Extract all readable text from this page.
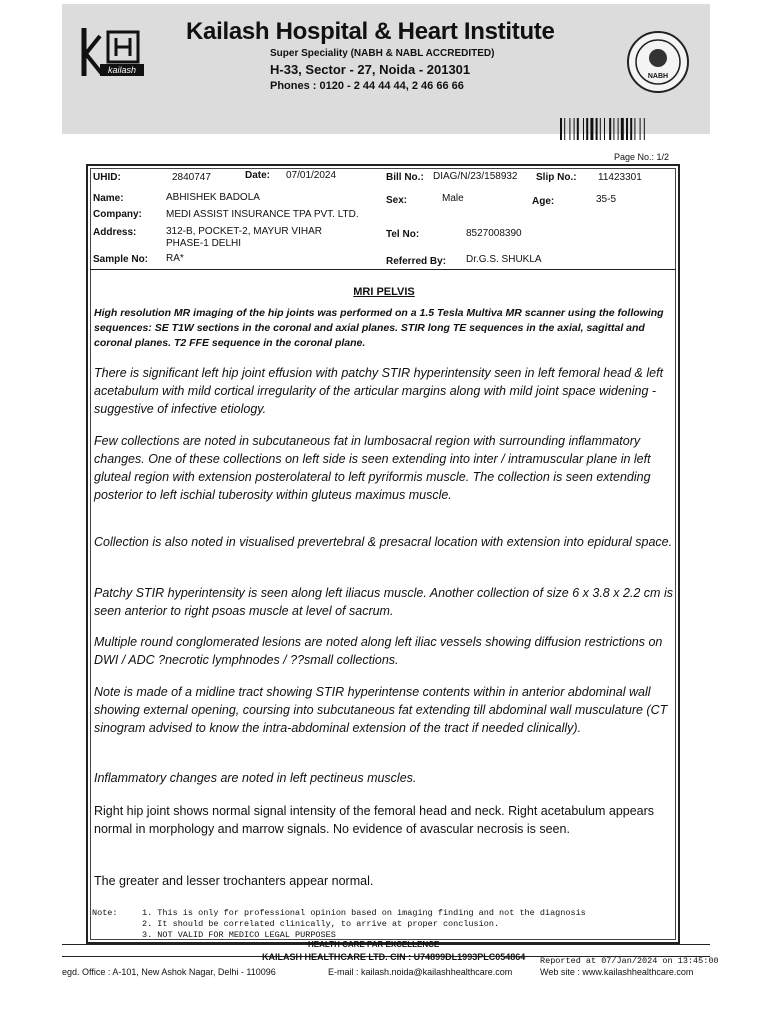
kailash
Kailash Hospital & Heart Institute
Super Speciality (NABH & NABL ACCREDITED)
H-33, Sector - 27, Noida - 201301
Phones : 0120 - 2 44 44 44, 2 46 66 66
NABH
Page No.: 1/2
UHID:	2840747	Date: 07/01/2024	Bill No.: DIAG/N/23/158932 Slip No.: 11423301
Name:	ABHISHEK BADOLA	Sex:	Male	Age:	35-5
Company: MEDI ASSIST INSURANCE TPA PVT. LTD.
Address:	312-B, POCKET-2, MAYUR VIHAR
PHASE-1 DELHI
Tel No:	8527008390
Sample No: RA*	Referred By: Dr.G.S. SHUKLA
MRI PELVIS
High resolution MR imaging of the hip joints was performed on a 1.5 Tesla Multiva MR scanner using the following sequences: SE T1W sections in the coronal and axial planes. STIR long TE sequences in the axial, sagittal and coronal planes. T2 FFE sequence in the coronal plane.
There is significant left hip joint effusion with patchy STIR hyperintensity seen in left femoral head & left acetabulum with mild cortical irregularity of the articular margins along with mild joint space widening - suggestive of infective etiology.
Few collections are noted in subcutaneous fat in lumbosacral region with surrounding inflammatory changes. One of these collections on left side is seen extending into inter / intramuscular plane in left gluteal region with extension posterolateral to left pyriformis muscle. The collection is seen extending posterior to left ischial tuberosity within gluteus maximus muscle.
Collection is also noted in visualised prevertebral & presacral location with extension into epidural space.
Patchy STIR hyperintensity is seen along left iliacus muscle. Another collection of size 6 x 3.8 x 2.2 cm is seen anterior to right psoas muscle at level of sacrum.
Multiple round conglomerated lesions are noted along left iliac vessels showing diffusion restrictions on DWI / ADC ?necrotic lymphnodes / ??small collections.
Note is made of a midline tract showing STIR hyperintense contents within in anterior abdominal wall showing external opening, coursing into subcutaneous fat extending till abdominal wall musculature (CT sinogram advised to know the intra-abdominal extension of the tract if needed clinically).
Inflammatory changes are noted in left pectineus muscles.
Right hip joint shows normal signal intensity of the femoral head and neck. Right acetabulum appears normal in morphology and marrow signals. No evidence of avascular necrosis is seen.
The greater and lesser trochanters appear normal.
Note:	1. This is only for professional opinion based on imaging finding and not the diagnosis
2. It should be correlated clinically, to arrive at proper conclusion.
3. NOT VALID FOR MEDICO LEGAL PURPOSES
HEALTH CARE PAR EXCELLENCE
KAILASH HEALTHCARE LTD. CIN : U74899DL1993PLC054864 Reported at 07/Jan/2024 on 13:45:00
egd. Office : A-101, New Ashok Nagar, Delhi - 110096	E-mail : kailash.noida@kailashhealthcare.com	Web site : www.kailashhealthcare.com
